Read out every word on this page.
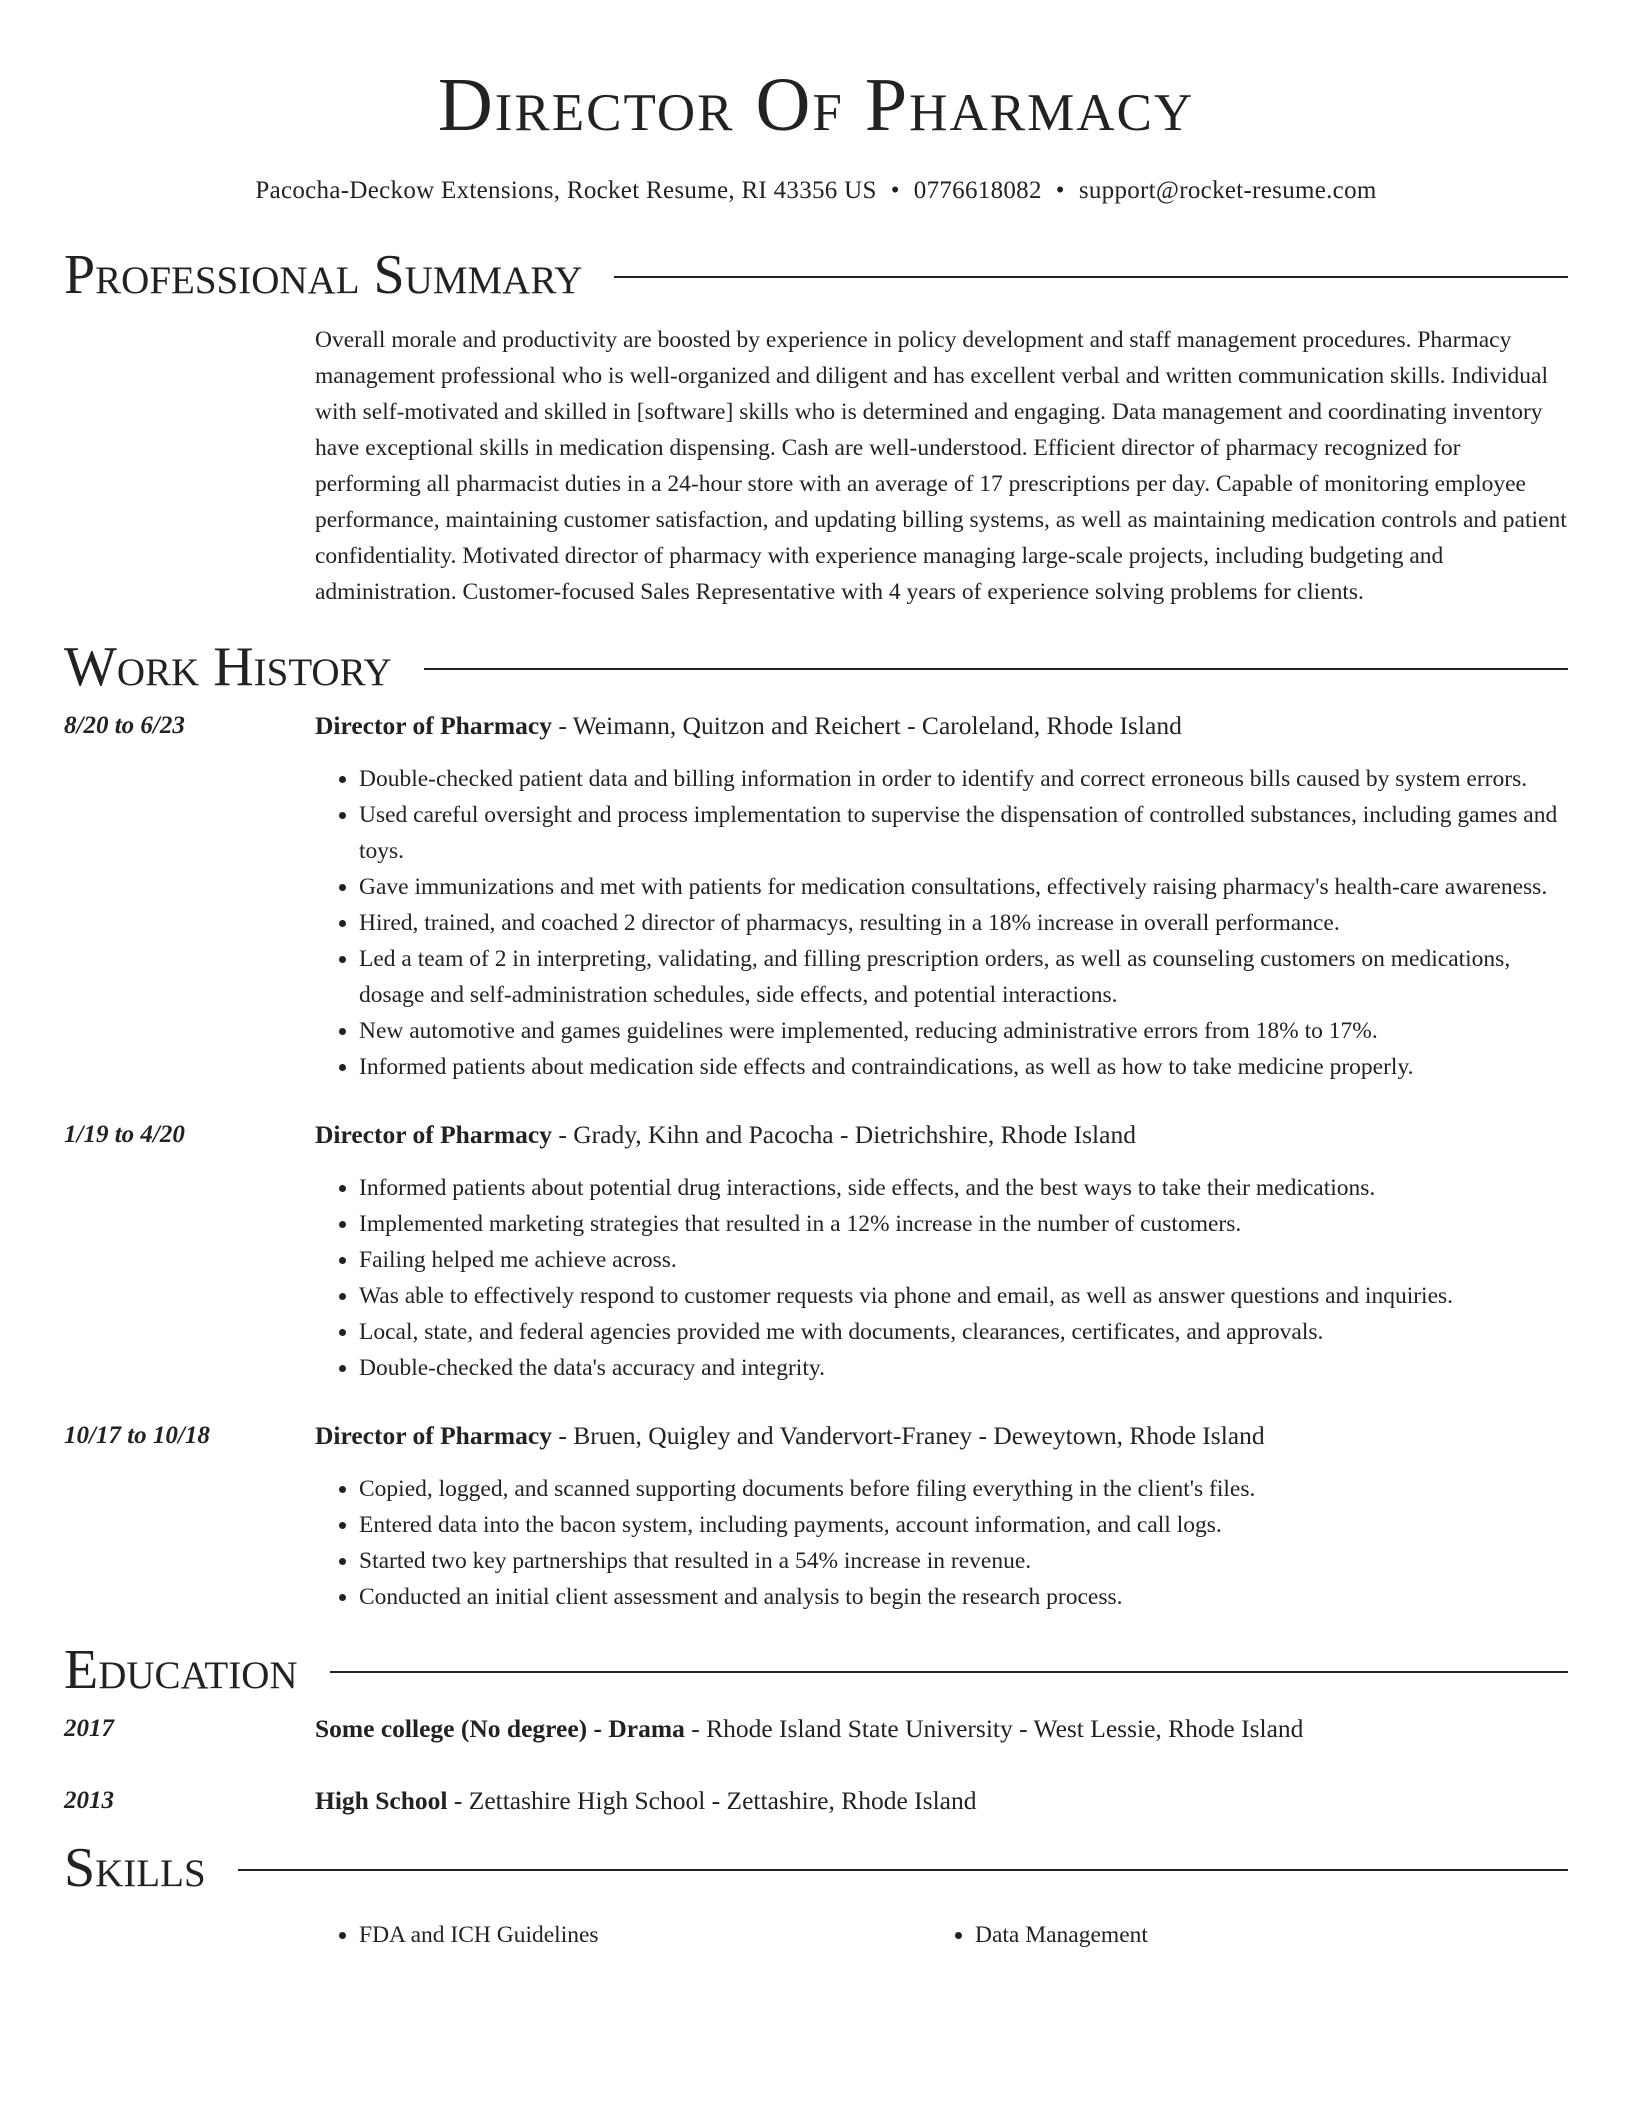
Director Of Pharmacy
Pacocha-Deckow Extensions, Rocket Resume, RI 43356 US • 0776618082 • support@rocket-resume.com
Professional Summary
Overall morale and productivity are boosted by experience in policy development and staff management procedures. Pharmacy management professional who is well-organized and diligent and has excellent verbal and written communication skills. Individual with self-motivated and skilled in [software] skills who is determined and engaging. Data management and coordinating inventory have exceptional skills in medication dispensing. Cash are well-understood. Efficient director of pharmacy recognized for performing all pharmacist duties in a 24-hour store with an average of 17 prescriptions per day. Capable of monitoring employee performance, maintaining customer satisfaction, and updating billing systems, as well as maintaining medication controls and patient confidentiality. Motivated director of pharmacy with experience managing large-scale projects, including budgeting and administration. Customer-focused Sales Representative with 4 years of experience solving problems for clients.
Work History
8/20 to 6/23	Director of Pharmacy - Weimann, Quitzon and Reichert - Caroleland, Rhode Island
• Double-checked patient data and billing information in order to identify and correct erroneous bills caused by system errors.
• Used careful oversight and process implementation to supervise the dispensation of controlled substances, including games and toys.
• Gave immunizations and met with patients for medication consultations, effectively raising pharmacy's health-care awareness.
• Hired, trained, and coached 2 director of pharmacys, resulting in a 18% increase in overall performance.
• Led a team of 2 in interpreting, validating, and filling prescription orders, as well as counseling customers on medications, dosage and self-administration schedules, side effects, and potential interactions.
• New automotive and games guidelines were implemented, reducing administrative errors from 18% to 17%.
• Informed patients about medication side effects and contraindications, as well as how to take medicine properly.
1/19 to 4/20	Director of Pharmacy - Grady, Kihn and Pacocha - Dietrichshire, Rhode Island
• Informed patients about potential drug interactions, side effects, and the best ways to take their medications.
• Implemented marketing strategies that resulted in a 12% increase in the number of customers.
• Failing helped me achieve across.
• Was able to effectively respond to customer requests via phone and email, as well as answer questions and inquiries.
• Local, state, and federal agencies provided me with documents, clearances, certificates, and approvals.
• Double-checked the data's accuracy and integrity.
10/17 to 10/18	Director of Pharmacy - Bruen, Quigley and Vandervort-Franey - Deweytown, Rhode Island
• Copied, logged, and scanned supporting documents before filing everything in the client's files.
• Entered data into the bacon system, including payments, account information, and call logs.
• Started two key partnerships that resulted in a 54% increase in revenue.
• Conducted an initial client assessment and analysis to begin the research process.
Education
2017	Some college (No degree) - Drama - Rhode Island State University - West Lessie, Rhode Island
2013	High School - Zettashire High School - Zettashire, Rhode Island
Skills
• FDA and ICH Guidelines
•	Data Management
